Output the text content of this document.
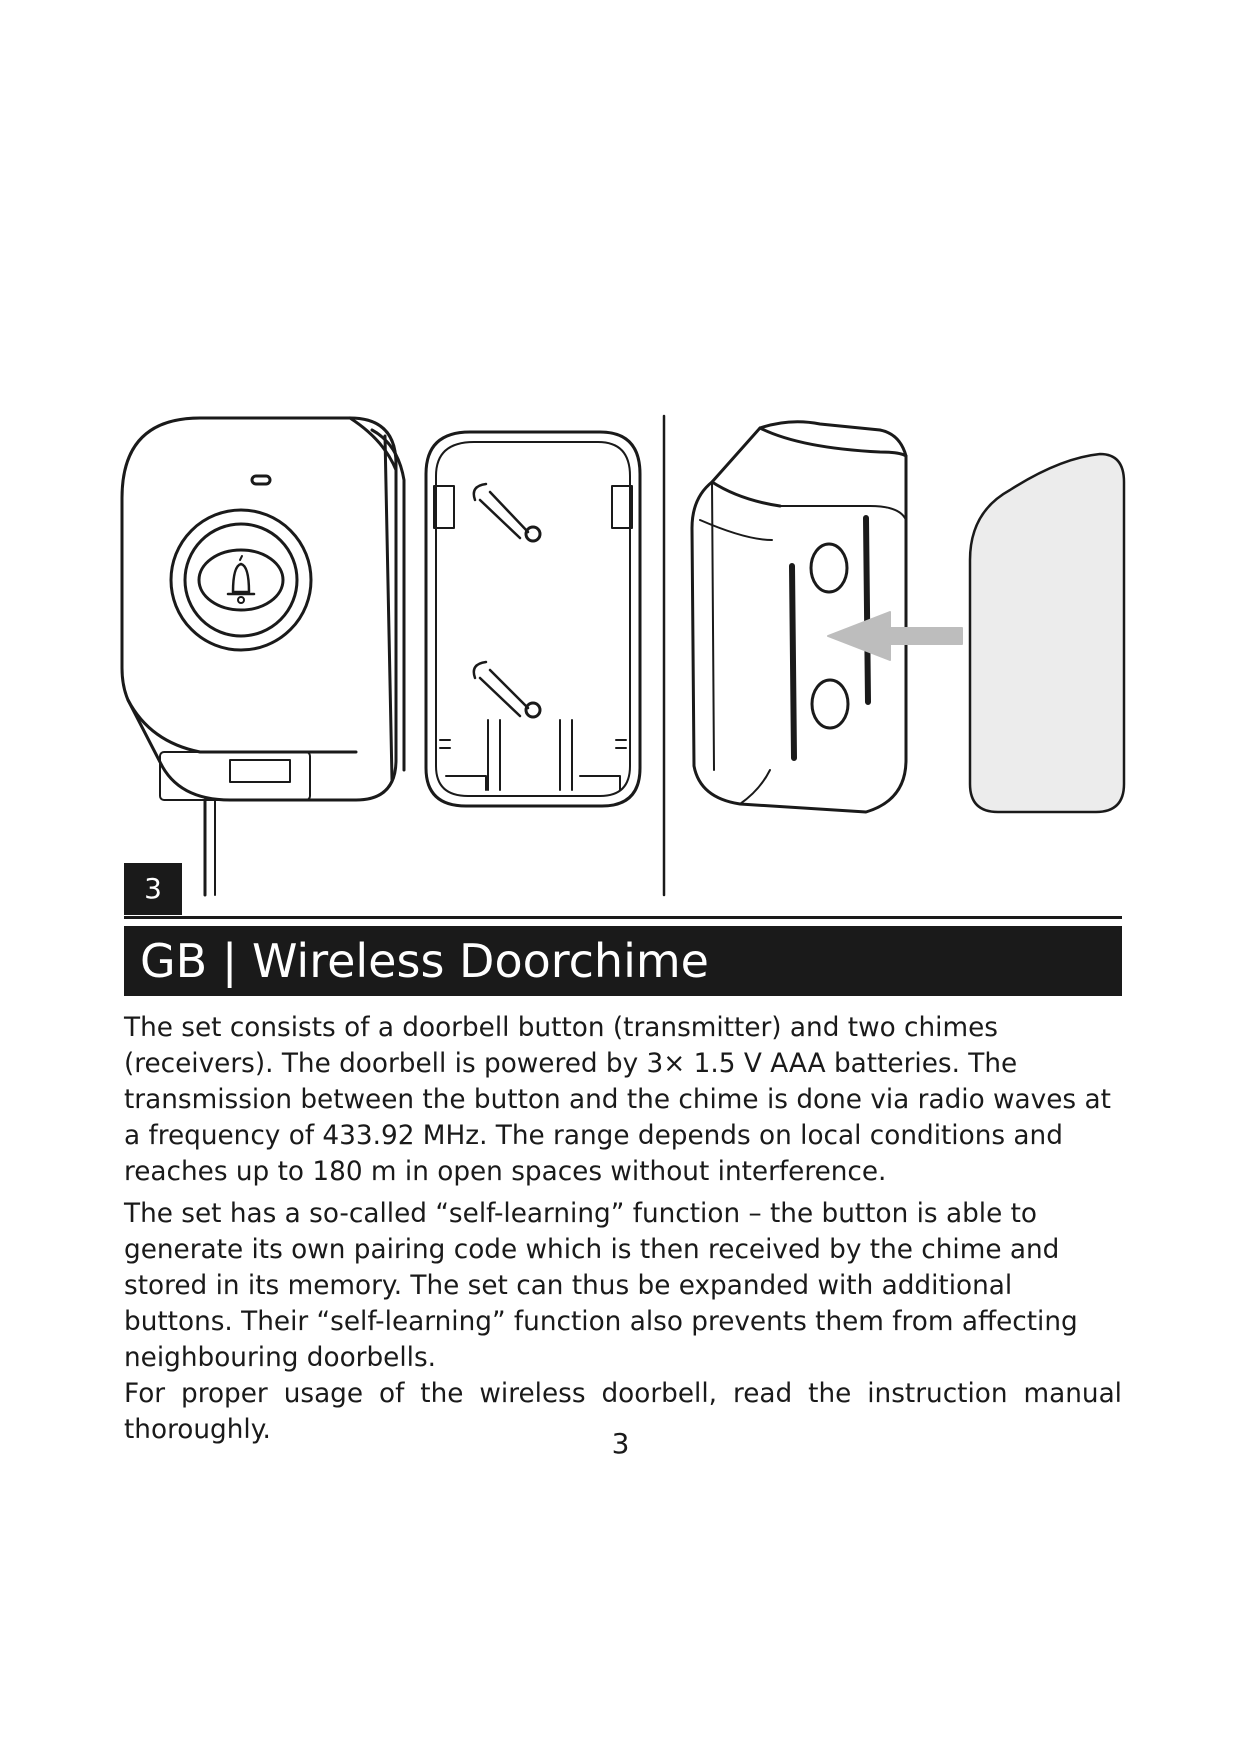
3
GB | Wireless Doorchime

The set consists of a doorbell button (transmitter) and two chimes (receivers). The doorbell is powered by 3× 1.5 V AAA batteries. The transmission between the button and the chime is done via radio waves at a frequency of 433.92 MHz. The range depends on local conditions and reaches up to 180 m in open spaces without interference.

The set has a so-called “self-learning” function – the button is able to generate its own pairing code which is then received by the chime and stored in its memory. The set can thus be expanded with additional buttons. Their “self-learning” function also prevents them from affecting neighbouring doorbells.

For proper usage of the wireless doorbell, read the instruction manual thoroughly.	3
